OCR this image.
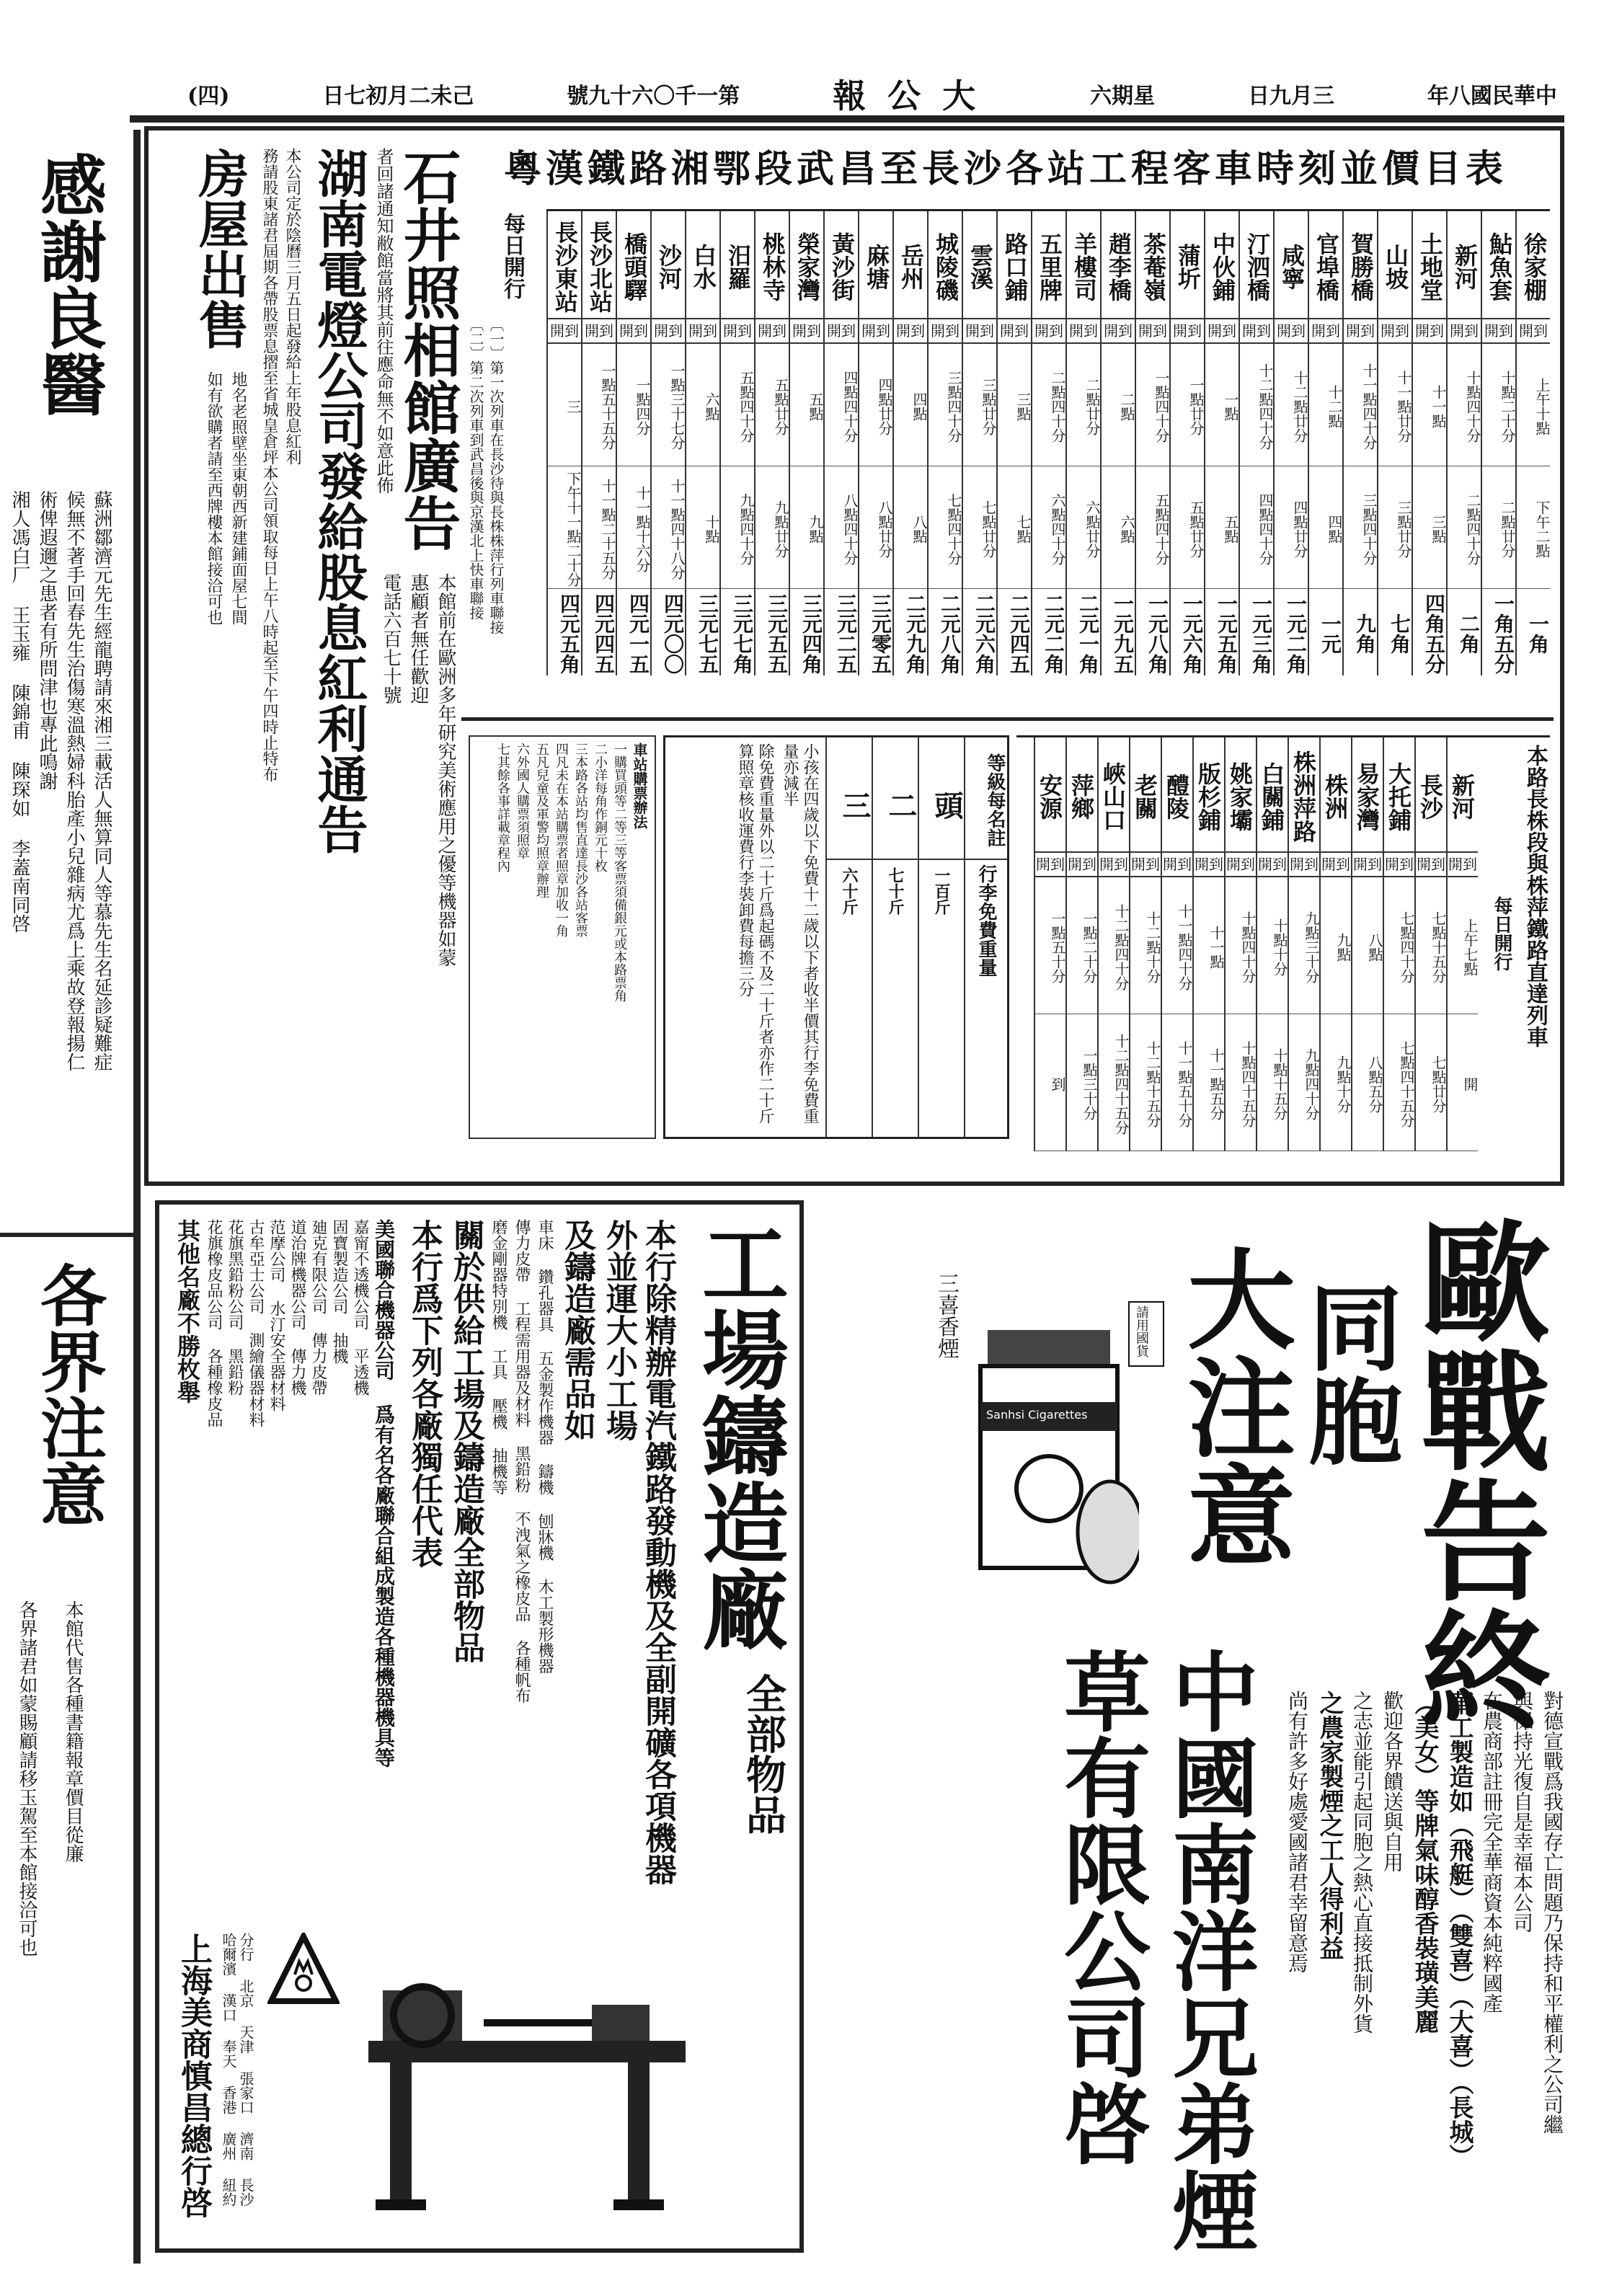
年八國民華中
日九月三
六期星
報公大
號九十六〇千一第
日七初月二未己
(四)
感謝良醫
蘇洲鄒濟元先生經龍聘請來湘三載活人無算同人等慕先生名延診疑難症
候無不著手回春先生治傷寒溫熱婦科胎產小兒雜病尤爲上乘故登報揚仁
術俾遐邇之患者有所問津也專此鳴謝
湘人馮白厂 王玉雍 陳錦甫 陳琛如 李蓋南同啓
各界注意
本館代售各種書籍報章價目從廉
各界諸君如蒙賜顧請移玉駕至本館接洽可也
石井照相館廣告
者回諸通知敝館當將其前往應命無不如意此佈
本館前在歐洲多年研究美術應用之優等機器如蒙
惠顧者無任歡迎
電話六百七十號
湖南電燈公司發給股息紅利通告
本公司定於陰曆三月五日起發給上年股息紅利
務請股東諸君屆期各帶股票息摺至省城皇倉坪本公司領取每日上午八時起至下午四時止特布
房屋出售
地名老照壁坐東朝西新建鋪面屋七間
如有欲購者請至西牌樓本館接洽可也
粵漢鐵路湘鄂段武昌至長沙各站工程客車時刻並價目表
徐家棚
開到
上午十點
下午二點
一角
鮎魚套
開到
十點二十分
二點廿分
一角五分
新河
開到
十點四十分
二點四十分
二角
土地堂
開到
十一點
三點
四角五分
山坡
開到
十一點廿分
三點廿分
七角
賀勝橋
開到
十一點四十分
三點四十分
九角
官埠橋
開到
十二點
四點
一元
咸寧
開到
十二點廿分
四點廿分
一元二角
汀泗橋
開到
十二點四十分
四點四十分
一元三角
中伙鋪
開到
一點
五點
一元五角
蒲圻
開到
一點廿分
五點廿分
一元六角
茶菴嶺
開到
一點四十分
五點四十分
一元八角
趙李橋
開到
二點
六點
一元九五
羊樓司
開到
二點廿分
六點廿分
二元一角
五里牌
開到
二點四十分
六點四十分
二元二角
路口鋪
開到
三點
七點
二元四五
雲溪
開到
三點廿分
七點廿分
二元六角
城陵磯
開到
三點四十分
七點四十分
二元八角
岳州
開到
四點
八點
二元九角
麻塘
開到
四點廿分
八點廿分
三元零五
黃沙街
開到
四點四十分
八點四十分
三元二五
榮家灣
開到
五點
九點
三元四角
桃林寺
開到
五點廿分
九點廿分
三元五五
汨羅
開到
五點四十分
九點四十分
三元七角
白水
開到
六點
十點
三元七五
沙河
開到
一點三十七分
十一點四十八分
四元〇〇
橋頭驛
開到
一點四分
十一點十六分
四元一五
長沙北站
開到
一點五十五分
十一點二十五分
四元四五
長沙東站
開到
三
下午十一點二十分
四元五角
每日開行
〔一〕第一次列車在長沙待與長株株萍行列車聯接
〔二〕第二次列車到武昌後與京漢北上快車聯接
本路長株段與株萍鐵路直達列車
每日開行
新河
開到
上午七點
開
長沙
開到
七點十五分
七點廿分
大托鋪
開到
七點四十分
七點四十五分
易家灣
開到
八點
八點五分
株洲
開到
九點
九點十分
株洲萍路
開到
九點三十分
九點四十分
白關鋪
開到
十點十分
十點十五分
姚家壩
開到
十點四十分
十點四十五分
版杉鋪
開到
十一點
十一點五分
醴陵
開到
十一點四十分
十一點五十分
老關
開到
十二點十分
十二點十五分
峽山口
開到
十二點四十分
十二點四十五分
萍鄉
開到
一點二十分
一點三十分
安源
開到
一點五十分
到
等級每名註
行李免費重量
頭
一百斤
二
七十斤
三
六十斤
小孩在四歲以下免費十二歲以下者收半價其行李免費重量亦減半
除免費重量外以二十斤爲起碼不及二十斤者亦作二十斤算照章核收運費行李裝卸費每擔三分
車站購票辦法
一購買頭等二等三等客票須備銀元或本路票角
二小洋每角作銅元十枚
三本路各站均售直達長沙各站客票
四凡未在本站購票者照章加收一角
五凡兒童及軍警均照章辦理
六外國人購票須照章
七其餘各事詳載章程內
工場鑄造廠
全部物品
本行除精辦電汽鐵路發動機及全副開礦各項機器外並運大小工場
及鑄造廠需品如
車床 鑽孔器具 五金製作機器 鑄機 刨牀機 木工製形機器
傳力皮帶 工程需用器及材料 黑鉛粉 不洩氣之橡皮品 各種帆布
磨金剛器特別機 工具 壓機 抽機等
關於供給工場及鑄造廠全部物品
本行爲下列各廠獨任代表
美國聯合機器公司 爲有名各廠聯合組成製造各種機器機具等
嘉甯不透機公司 平透機
固寶製造公司 抽機
廸克有限公司 傳力皮帶
道治牌機器公司 傳力機
范摩公司 水汀安全器材料
古牟亞士公司 測繪儀器材料
花旗黑鉛粉公司 黑鉛粉
花旗橡皮品公司 各種橡皮品
其他名廠不勝枚舉
上海美商慎昌總行啓	分行 北京 天津 張家口 濟南 長沙 哈爾濱 漢口 奉天 香港 廣州 紐約
歐戰告終
同胞
大注意
三喜香煙
Sanhsi Cigarettes
請用國貨
對德宣戰爲我國存亡問題乃保持和平權利之公司繼
與保持光復自是幸福本公司
在農商部註冊完全華商資本純粹國產
華工製造如（飛艇）（雙喜）（大喜）（長城）
（美女）等牌氣味醇香裝璜美麗
歡迎各界饋送與自用
之志並能引起同胞之熱心直接抵制外貨
之農家製煙之工人得利益
尚有許多好處愛國諸君幸留意焉
中國南洋兄弟煙草有限公司啓
